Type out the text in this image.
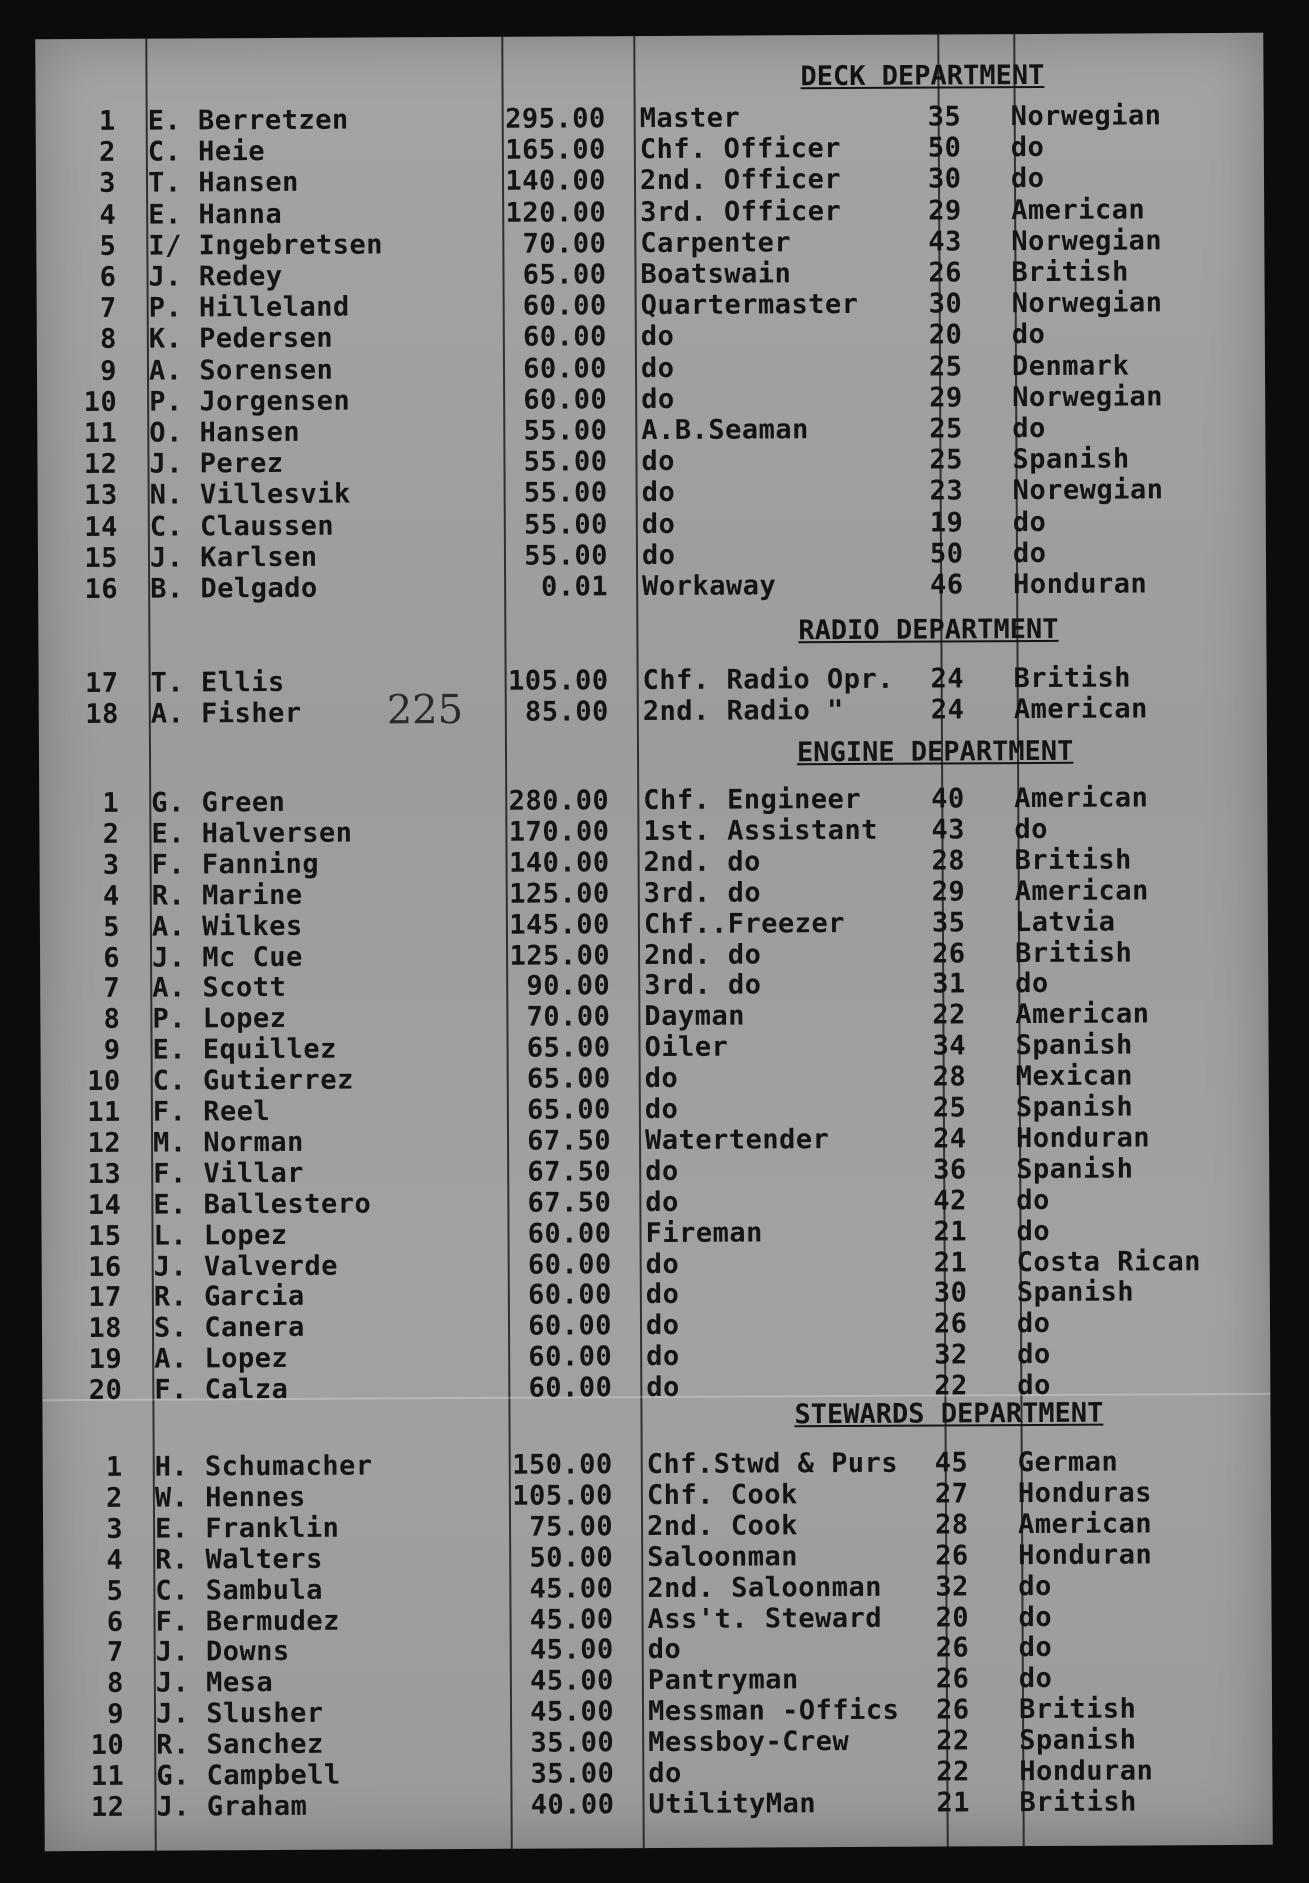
DECK DEPARTMENT
RADIO DEPARTMENT
ENGINE DEPARTMENT
STEWARDS DEPARTMENT
225
1 E. Berretzen	295.00 Master	35 Norwegian
2 C. Heie	165.00 Chf. Officer	50 do
3 T. Hansen	140.00 2nd. Officer	30 do
4 E. Hanna	120.00 3rd. Officer	29 American
5 I/ Ingebretsen	70.00 Carpenter	43 Norwegian
6 J. Redey	65.00 Boatswain	26 British
7 P. Hilleland	60.00 Quartermaster	30 Norwegian
8 K. Pedersen	60.00 do	20 do
9 A. Sorensen	60.00 do	25 Denmark
10 P. Jorgensen	60.00 do	29 Norwegian
11 O. Hansen	55.00 A.B.Seaman	25 do
12 J. Perez	55.00 do	25 Spanish
13 N. Villesvik	55.00 do	23 Norewgian
14 C. Claussen	55.00 do	19 do
15 J. Karlsen	55.00 do	50 do
16 B. Delgado	0.01 Workaway	46 Honduran
17 T. Ellis	105.00 Chf. Radio Opr. 24 British
18 A. Fisher	85.00 2nd. Radio "	24 American
1 G. Green	280.00 Chf. Engineer	40 American
2 E. Halversen	170.00 1st. Assistant 43 do
3 F. Fanning	140.00 2nd. do	28 British
4 R. Marine	125.00 3rd. do	29 American
5 A. Wilkes	145.00 Chf..Freezer	35 Latvia
6 J. Mc Cue	125.00 2nd. do	26 British
7 A. Scott	90.00 3rd. do	31 do
8 P. Lopez	70.00 Dayman	22 American
9 E. Equillez	65.00 Oiler	34 Spanish
10 C. Gutierrez	65.00 do	28 Mexican
11 F. Reel	65.00 do	25 Spanish
12 M. Norman	67.50 Watertender	24 Honduran
13 F. Villar	67.50 do	36 Spanish
14 E. Ballestero	67.50 do	42 do
15 L. Lopez	60.00 Fireman	21 do
16 J. Valverde	60.00 do	21 Costa Rican
17 R. Garcia	60.00 do	30 Spanish
18 S. Canera	60.00 do	26 do
19 A. Lopez	60.00 do	32 do
20 F. Calza	60.00 do	22 do
1 H. Schumacher	150.00 Chf.Stwd & Purs 45 German
2 W. Hennes	105.00 Chf. Cook	27 Honduras
3 E. Franklin	75.00 2nd. Cook	28 American
4 R. Walters	50.00 Saloonman	26 Honduran
5 C. Sambula	45.00 2nd. Saloonman 32 do
6 F. Bermudez	45.00 Ass't. Steward 20 do
7 J. Downs	45.00 do	26 do
8 J. Mesa	45.00 Pantryman	26 do
9 J. Slusher	45.00 Messman -Offics 26 British
10 R. Sanchez	35.00 Messboy-Crew	22 Spanish
11 G. Campbell	35.00 do	22 Honduran
12 J. Graham	40.00 UtilityMan	21 British
